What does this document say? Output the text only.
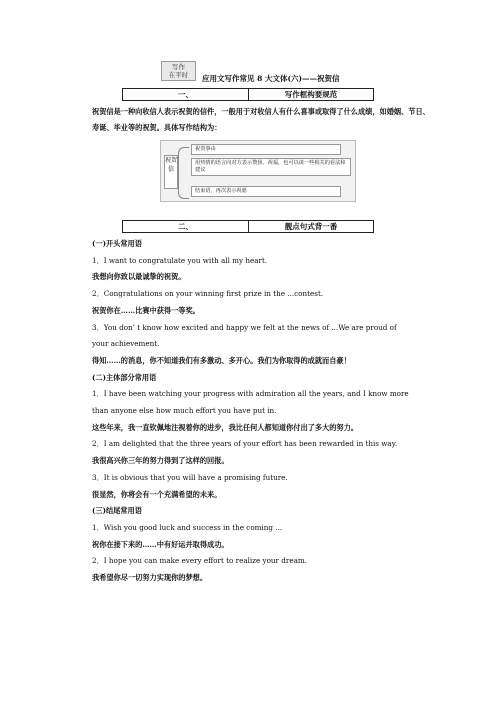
写作
在平时	应用文写作常见 8 大文体(六)——祝贺信
一、	写作框构要规范
祝贺信是一种向收信人表示祝贺的信件，一般用于对收信人有什么喜事或取得了什么成绩，如婚姻、节日、寿诞、毕业等的祝贺。具体写作结构为：
祝贺信
祝贺事由
用热情的语言向对方表示赞扬、祝福，也可以谈一些相关的看法和建议
结束语，再次表示祝愿
二、	靓点句式背一番
(一)开头常用语
1．I want to congratulate you with all my heart.
我想向你致以最诚挚的祝贺。
2．Congratulations on your winning first prize in the ...contest.
祝贺你在……比赛中获得一等奖。
3．You don’ t know how excited and happy we felt at the news of ...We are proud of
your achievement.
得知……的消息，你不知道我们有多激动、多开心。我们为你取得的成就而自豪！
(二)主体部分常用语
1．I have been watching your progress with admiration all the years, and I know more
than anyone else how much effort you have put in.
这些年来，我一直钦佩地注视着你的进步，我比任何人都知道你付出了多大的努力。
2．I am delighted that the three years of your effort has been rewarded in this way.
我很高兴你三年的努力得到了这样的回报。
3．It is obvious that you will have a promising future.
很显然，你将会有一个充满希望的未来。
(三)结尾常用语
1．Wish you good luck and success in the coming ...
祝你在接下来的……中有好运并取得成功。
2．I hope you can make every effort to realize your dream.
我希望你尽一切努力实现你的梦想。
